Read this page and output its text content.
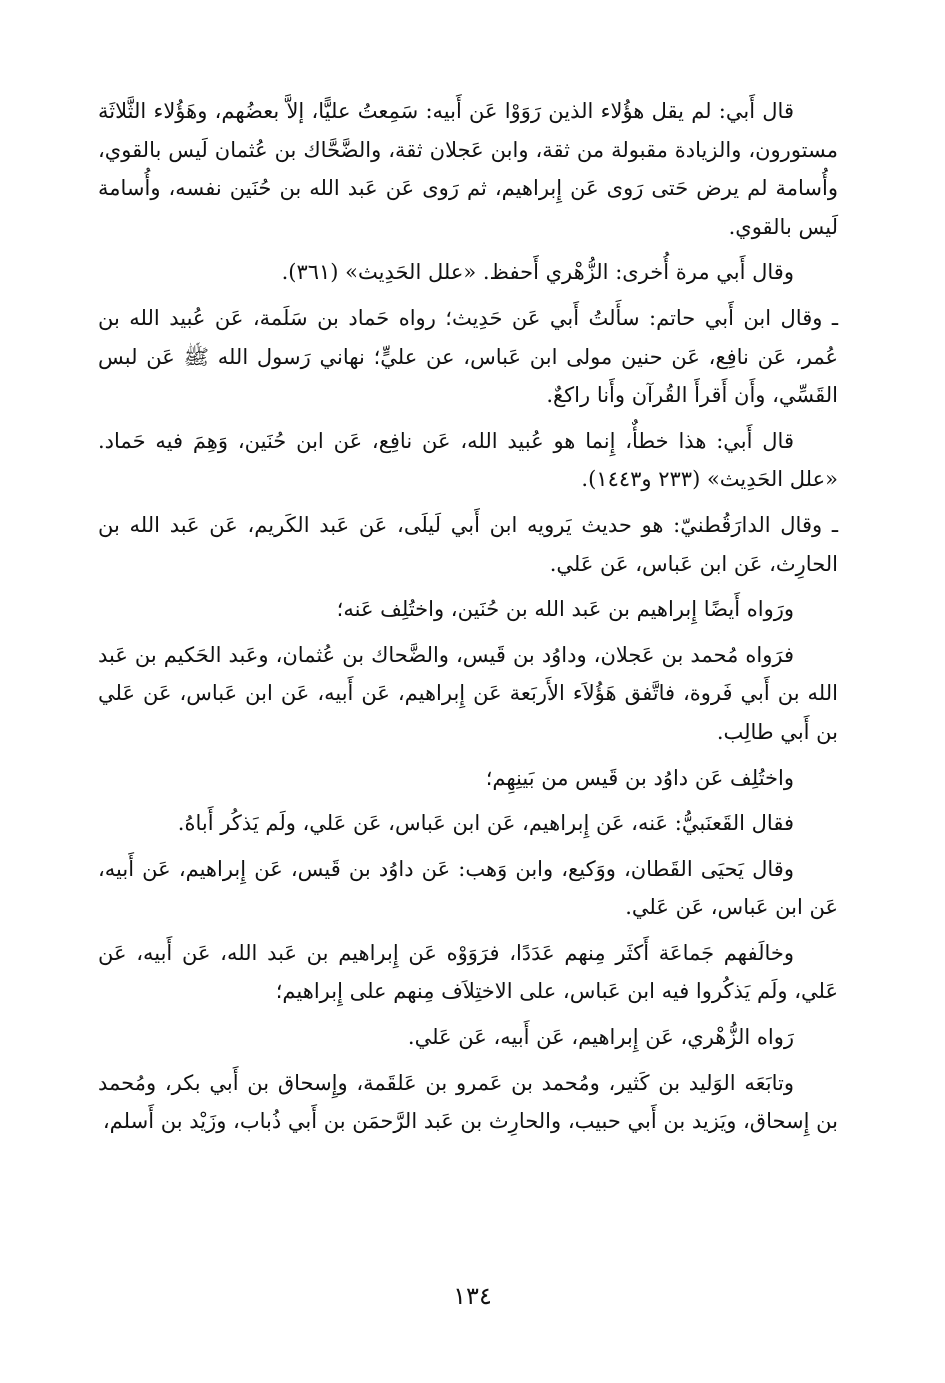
قال أَبي: لم يقل هؤُلاء الذين رَوَوْا عَن أَبيه: سَمِعتُ عليًّا، إلاَّ بعضُهم، وهَؤُلاء الثَّلاثَة مستورون، والزيادة مقبولة من ثقة، وابن عَجلان ثقة، والضَّحَّاك بن عُثمان لَيس بالقوي، وأُسامة لم يرض حَتى رَوى عَن إِبراهيم، ثم رَوى عَن عَبد الله بن حُنَين نفسه، وأُسامة لَيس بالقوي.

وقال أَبي مرة أُخرى: الزُّهْري أَحفظ. «علل الحَدِيث» (٣٦١).

ـ وقال ابن أَبي حاتم: سأَلتُ أَبي عَن حَدِيث؛ رواه حَماد بن سَلَمة، عَن عُبيد الله بن عُمر، عَن نافِع، عَن حنين مولى ابن عَباس، عن عليٍّ؛ نهاني رَسول الله ﷺ عَن لبس القَسِّي، وأَن أَقرأَ القُرآن وأَنا راكعٌ.

قال أَبي: هذا خطأٌ، إِنما هو عُبيد الله، عَن نافِع، عَن ابن حُنَين، وَهِمَ فيه حَماد. «علل الحَدِيث» (٢٣٣ و١٤٤٣).

ـ وقال الدارَقُطنيّ: هو حديث يَرويه ابن أَبي لَيلَى، عَن عَبد الكَريم، عَن عَبد الله بن الحارِث، عَن ابن عَباس، عَن عَلي.

ورَواه أَيضًا إِبراهيم بن عَبد الله بن حُنَين، واختُلِف عَنه؛

فرَواه مُحمد بن عَجلان، وداوُد بن قَيس، والضَّحاك بن عُثمان، وعَبد الحَكيم بن عَبد الله بن أَبي فَروة، فاتَّفق هَؤُلاَء الأَربَعة عَن إِبراهيم، عَن أَبيه، عَن ابن عَباس، عَن عَلي بن أَبي طالِب.

واختُلِف عَن داوُد بن قَيس من بَينِهِم؛

فقال القَعنَبيُّ: عَنه، عَن إِبراهيم، عَن ابن عَباس، عَن عَلي، ولَم يَذكُر أَباهُ.

وقال يَحيَى القَطان، ووَكيع، وابن وَهب: عَن داوُد بن قَيس، عَن إِبراهيم، عَن أَبيه، عَن ابن عَباس، عَن عَلي.

وخالَفهم جَماعَة أَكثَر مِنهم عَدَدًا، فرَوَوْه عَن إِبراهيم بن عَبد الله، عَن أَبيه، عَن عَلي، ولَم يَذكُروا فيه ابن عَباس، على الاختِلاَف مِنهم على إِبراهيم؛

رَواه الزُّهْري، عَن إِبراهيم، عَن أَبيه، عَن عَلي.

وتابَعَه الوَليد بن كَثير، ومُحمد بن عَمرو بن عَلقَمة، وإِسحاق بن أَبي بكر، ومُحمد بن إِسحاق، ويَزيد بن أَبي حبيب، والحارِث بن عَبد الرَّحمَن بن أَبي ذُباب، وزَيْد بن أَسلم،

١٣٤
